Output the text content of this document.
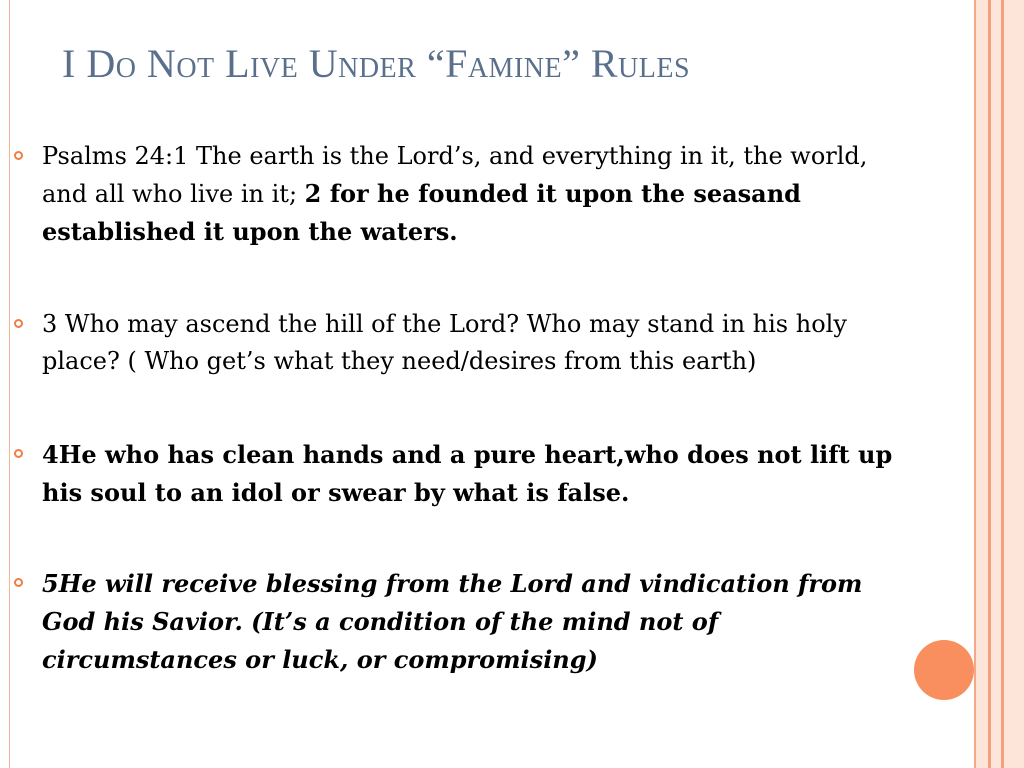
I Do Not Live Under “Famine” Rules
Psalms 24:1 The earth is the Lord’s, and everything in it, the world, and all who live in it; 2 for he founded it upon the seasand established it upon the waters.
3 Who may ascend the hill of the Lord? Who may stand in his holy place? ( Who get’s what they need/desires from this earth)
4He who has clean hands and a pure heart,who does not lift up his soul to an idol or swear by what is false.
5He will receive blessing from the Lord and vindication from God his Savior. (It’s a condition of the mind not of circumstances or luck, or compromising)
